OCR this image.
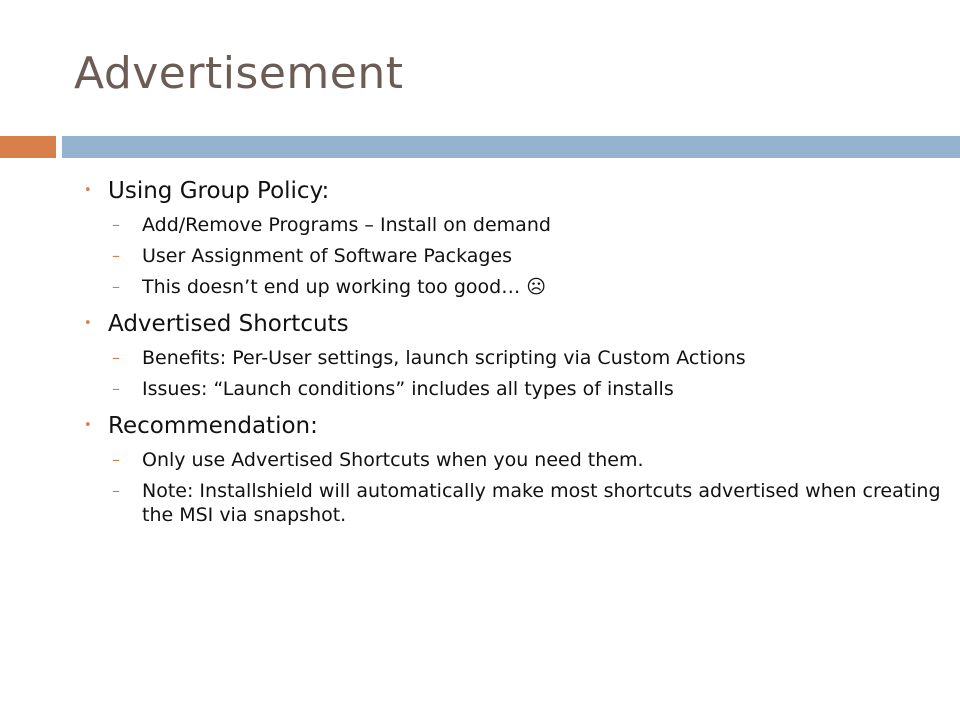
Advertisement
• Using Group Policy:
– Add/Remove Programs – Install on demand
– User Assignment of Software Packages
– This doesn’t end up working too good… ☹
• Advertised Shortcuts
– Benefits: Per-User settings, launch scripting via Custom Actions
– Issues: “Launch conditions” includes all types of installs
• Recommendation:
– Only use Advertised Shortcuts when you need them.
– Note: Installshield will automatically make most shortcuts advertised when creating the MSI via snapshot.
